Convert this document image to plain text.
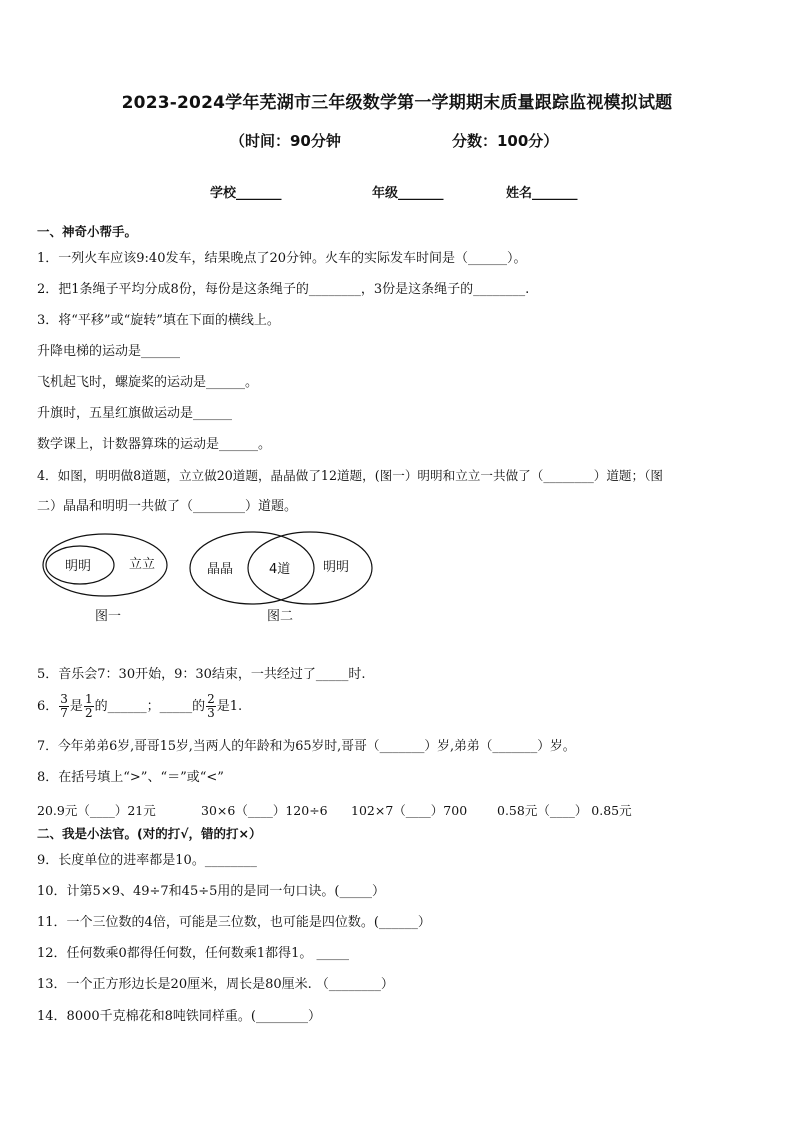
2023-2024学年芜湖市三年级数学第一学期期末质量跟踪监视模拟试题
（时间：90分钟	分数：100分）
学校_______	年级_______	姓名_______
一、神奇小帮手。
1．一列火车应该9:40发车，结果晚点了20分钟。火车的实际发车时间是（______）。
2．把1条绳子平均分成8份，每份是这条绳子的________，3份是这条绳子的________.
3．将“平移”或“旋转”填在下面的横线上。
升降电梯的运动是______
飞机起飞时，螺旋桨的运动是______。
升旗时，五星红旗做运动是______
数学课上，计数器算珠的运动是______。
4．如图，明明做8道题，立立做20道题，晶晶做了12道题，(图一）明明和立立一共做了（________）道题；（图
二）晶晶和明明一共做了（________）道题。
明明	立立
图一
晶晶	4道	明明
图二
5．音乐会7：30开始，9：30结束，一共经过了_____时.
6． $\frac{3}{7}$ 是 $\frac{1}{2}$ 的______；_____的 $\frac{2}{3}$ 是1.
7．今年弟弟6岁,哥哥15岁,当两人的年龄和为65岁时,哥哥（_______）岁,弟弟（_______）岁。
8．在括号填上“>”、“＝”或“<”
20.9元（____）21元	30×6（____）120÷6 102×7（____）700 0.58元（____） 0.85元
二、我是小法官。(对的打√，错的打×）
9．长度单位的进率都是10。________
10．计第5×9、49÷7和45÷5用的是同一句口诀。(_____）
11．一个三位数的4倍，可能是三位数，也可能是四位数。(______）
12．任何数乘0都得任何数，任何数乘1都得1。 _____
13．一个正方形边长是20厘米，周长是80厘米. （________）
14．8000千克棉花和8吨铁同样重。(________）
